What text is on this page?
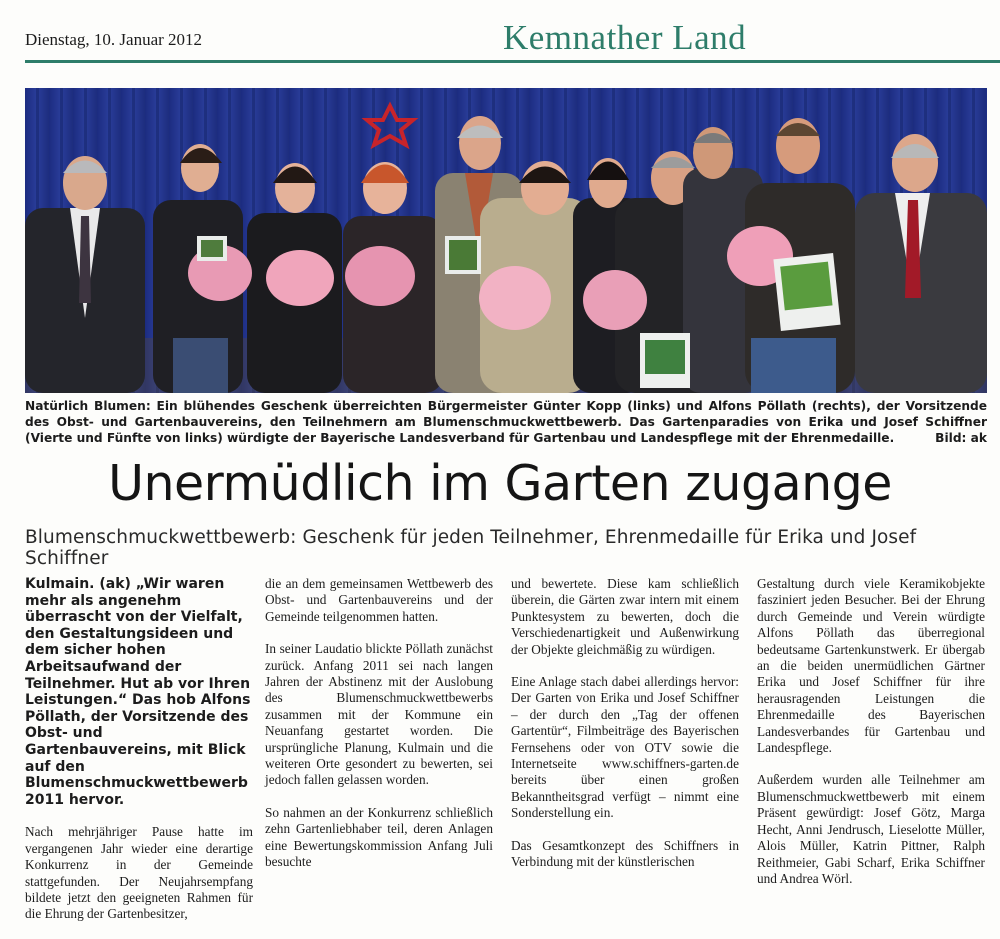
Dienstag, 10. Januar 2012	Kemnather Land
Natürlich Blumen: Ein blühendes Geschenk überreichten Bürgermeister Günter Kopp (links) und Alfons Pöllath (rechts), der Vorsitzende des Obst- und Gartenbauvereins, den Teilnehmern am Blumenschmuckwettbewerb. Das Gartenparadies von Erika und Josef Schiffner (Vierte und Fünfte von links) würdigte der Bayerische Landesverband für Gartenbau und Landespflege mit der Ehrenmedaille.	Bild: ak
Unermüdlich im Garten zugange
Blumenschmuckwettbewerb: Geschenk für jeden Teilnehmer, Ehrenmedaille für Erika und Josef Schiffner

Kulmain. (ak) „Wir waren mehr als angenehm überrascht von der Vielfalt, den Gestaltungsideen und dem sicher hohen Arbeitsaufwand der Teilnehmer. Hut ab vor Ihren Leistungen.“ Das hob Alfons Pöllath, der Vorsitzende des Obst- und Gartenbauvereins, mit Blick auf den Blumenschmuckwettbewerb 2011 hervor.

Nach mehrjähriger Pause hatte im vergangenen Jahr wieder eine derartige Konkurrenz in der Gemeinde stattgefunden. Der Neujahrsempfang bildete jetzt den geeigneten Rahmen für die Ehrung der Gartenbesitzer,

die an dem gemeinsamen Wettbewerb des Obst- und Gartenbauvereins und der Gemeinde teilgenommen hatten.

In seiner Laudatio blickte Pöllath zunächst zurück. Anfang 2011 sei nach langen Jahren der Abstinenz mit der Auslobung des Blumenschmuckwettbewerbs zusammen mit der Kommune ein Neuanfang gestartet worden. Die ursprüngliche Planung, Kulmain und die weiteren Orte gesondert zu bewerten, sei jedoch fallen gelassen worden.

So nahmen an der Konkurrenz schließlich zehn Gartenliebhaber teil, deren Anlagen eine Bewertungskommission Anfang Juli besuchte

und bewertete. Diese kam schließlich überein, die Gärten zwar intern mit einem Punktesystem zu bewerten, doch die Verschiedenartigkeit und Außenwirkung der Objekte gleichmäßig zu würdigen.

Eine Anlage stach dabei allerdings hervor: Der Garten von Erika und Josef Schiffner – der durch den „Tag der offenen Gartentür“, Filmbeiträge des Bayerischen Fernsehens oder von OTV sowie die Internetseite www.schiffners-garten.de bereits über einen großen Bekanntheitsgrad verfügt – nimmt eine Sonderstellung ein.

Das Gesamtkonzept des Schiffners in Verbindung mit der künstlerischen

Gestaltung durch viele Keramikobjekte fasziniert jeden Besucher. Bei der Ehrung durch Gemeinde und Verein würdigte Alfons Pöllath das überregional bedeutsame Gartenkunstwerk. Er übergab an die beiden unermüdlichen Gärtner Erika und Josef Schiffner für ihre herausragenden Leistungen die Ehrenmedaille des Bayerischen Landesverbandes für Gartenbau und Landespflege.

Außerdem wurden alle Teilnehmer am Blumenschmuckwettbewerb mit einem Präsent gewürdigt: Josef Götz, Marga Hecht, Anni Jendrusch, Lieselotte Müller, Alois Müller, Katrin Pittner, Ralph Reithmeier, Gabi Scharf, Erika Schiffner und Andrea Wörl.
